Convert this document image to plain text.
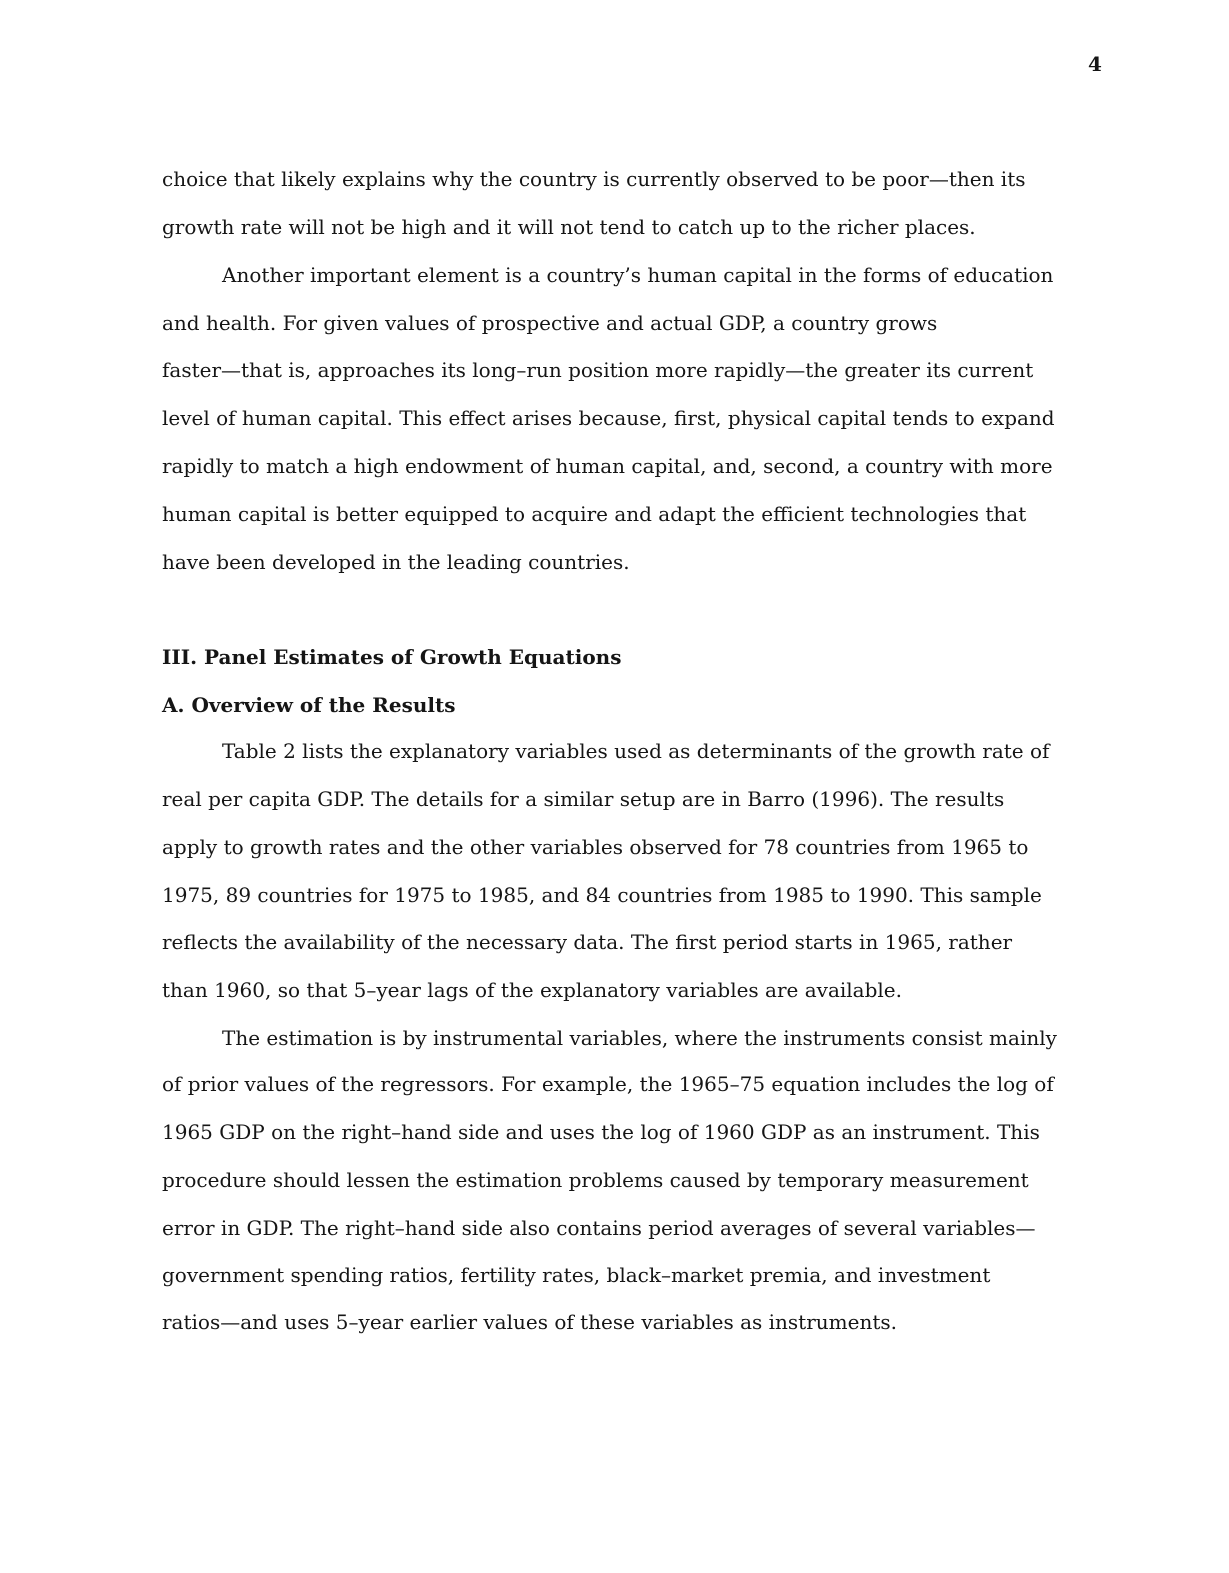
4
choice that likely explains why the country is currently observed to be poor—then its
growth rate will not be high and it will not tend to catch up to the richer places.
Another important element is a country’s human capital in the forms of education
and health. For given values of prospective and actual GDP, a country grows
faster—that is, approaches its long–run position more rapidly—the greater its current
level of human capital. This effect arises because, first, physical capital tends to expand
rapidly to match a high endowment of human capital, and, second, a country with more
human capital is better equipped to acquire and adapt the efficient technologies that
have been developed in the leading countries.
III. Panel Estimates of Growth Equations
A. Overview of the Results
Table 2 lists the explanatory variables used as determinants of the growth rate of
real per capita GDP. The details for a similar setup are in Barro (1996). The results
apply to growth rates and the other variables observed for 78 countries from 1965 to
1975, 89 countries for 1975 to 1985, and 84 countries from 1985 to 1990. This sample
reflects the availability of the necessary data. The first period starts in 1965, rather
than 1960, so that 5–year lags of the explanatory variables are available.
The estimation is by instrumental variables, where the instruments consist mainly
of prior values of the regressors. For example, the 1965–75 equation includes the log of
1965 GDP on the right–hand side and uses the log of 1960 GDP as an instrument. This
procedure should lessen the estimation problems caused by temporary measurement
error in GDP. The right–hand side also contains period averages of several variables—
government spending ratios, fertility rates, black–market premia, and investment
ratios—and uses 5–year earlier values of these variables as instruments.
